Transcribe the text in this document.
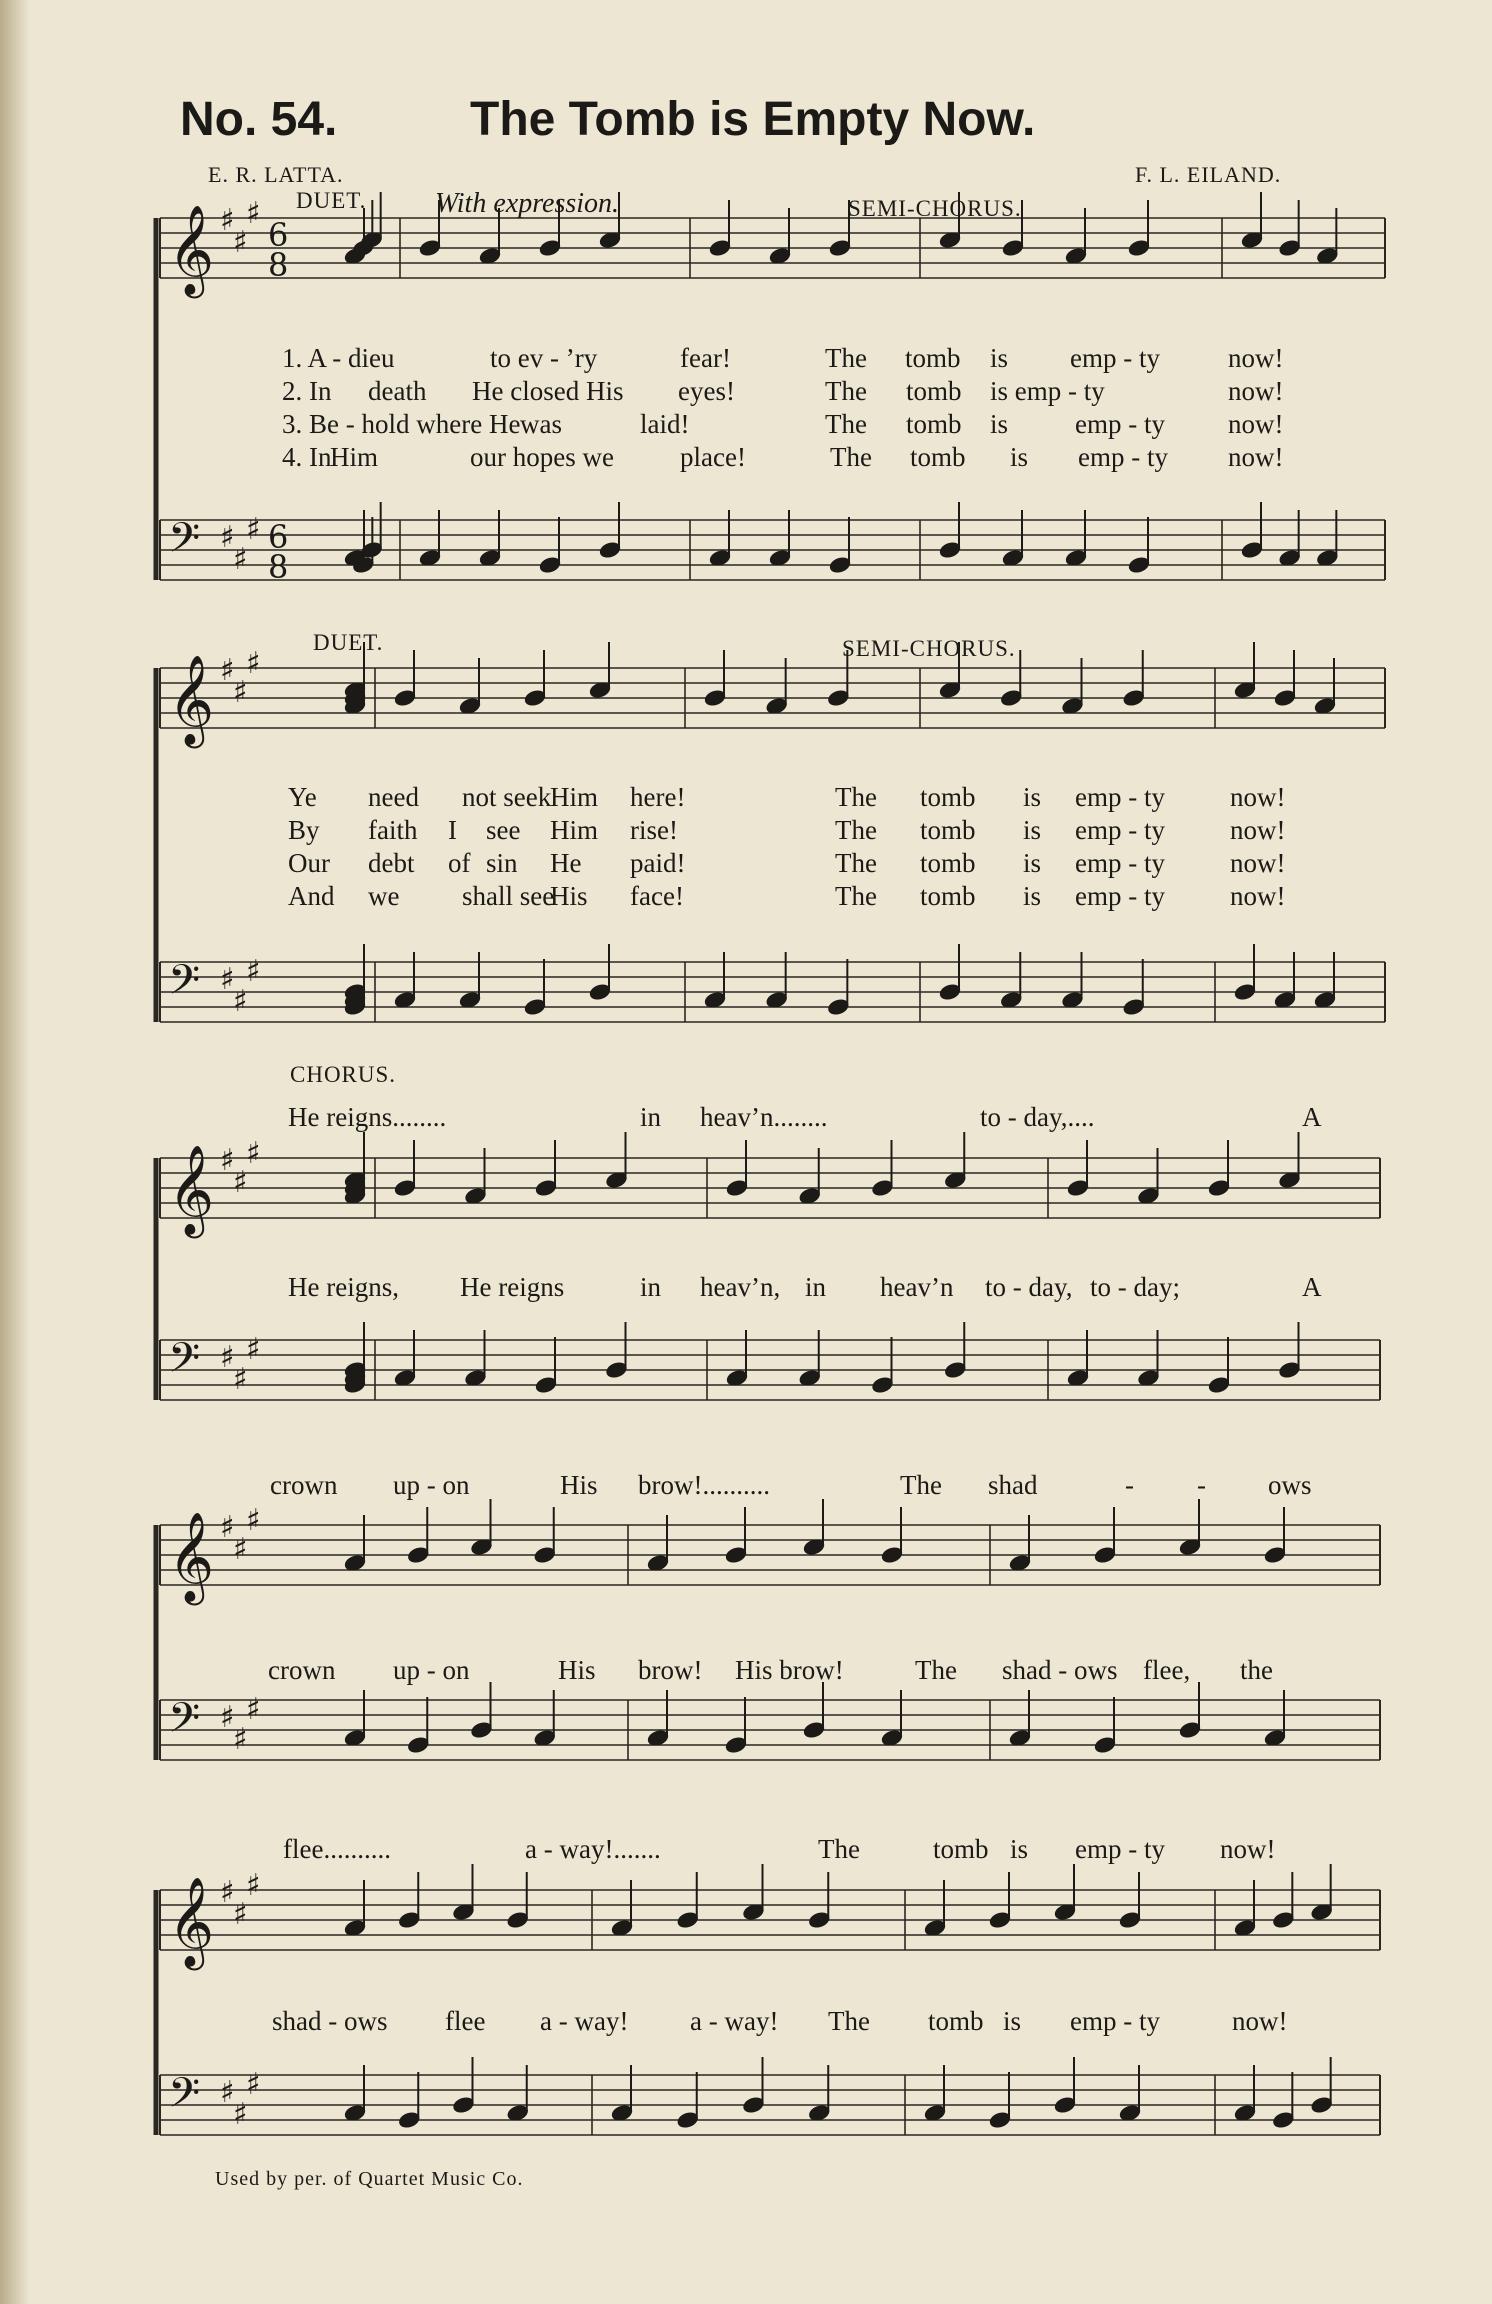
No. 54.	The Tomb is Empty Now.
E. R. LATTA.	F. L. EILAND.
DUET. With expression.	SEMI-CHORUS.
DUET.	SEMI-CHORUS.
CHORUS.
𝄞 ♯
♯
♯
6
8
𝄢 ♯
♯
♯ 6
8
𝄞 ♯
♯
♯
𝄢 ♯
♯
♯
𝄞 ♯
♯
♯
𝄢 ♯
♯
♯
𝄞 ♯
♯
♯
𝄢 ♯
♯
♯
𝄞 ♯
♯
♯
𝄢 ♯
♯
♯
1. A - dieu	to ev - ’ry	fear!	The tomb is emp - ty	now!
2. In death He closed His eyes!	The tomb is emp - ty	now!
3. Be - hold where He was	laid!	The tomb is emp - ty now!
4. In
Him	our hopes we place!	The tomb is emp - ty now!
Ye need not seek
Him here!	The tomb is emp - ty now!
By faith I see Him rise!	The tomb is emp - ty now!
Our debt of sin He paid!	The tomb is emp - ty now!
And we shall see
His face!	The tomb is emp - ty now!
He reigns........	in heav’n........	to - day,....	A
He reigns, He reigns	in heav’n, in heav’n to - day, to - day;	A
crown up - on	His brow!..........	The shad	- - ows
crown up - on	His brow! His brow!	The shad - ows flee, the
flee..........	a - way!.......	The	tomb is emp - ty now!
shad - ows flee a - way! a - way! The tomb is emp - ty	now!
Used by per. of Quartet Music Co.
